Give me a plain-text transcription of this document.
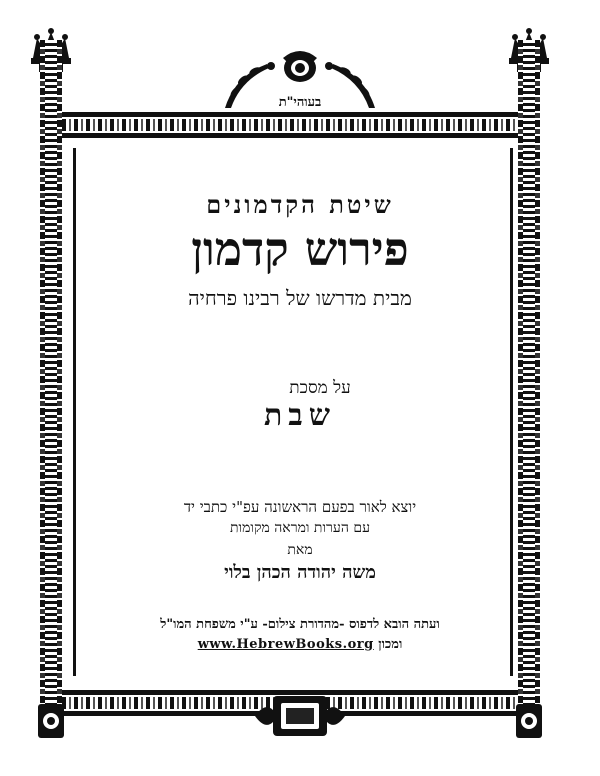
בעוהי"ת
שיטת הקדמונים
פירוש קדמון
מבית מדרשו של רבינו פרחיה
על מסכת
שבת
יוצא לאור בפעם הראשונה עפ"י כתבי יד
עם הערות ומראה מקומות
מאת
משה יהודה הכהן בלוי
ועתה הובא לדפוס -מהדורת צילום- ע"י משפחת המו"ל
ומכון www.HebrewBooks.org
